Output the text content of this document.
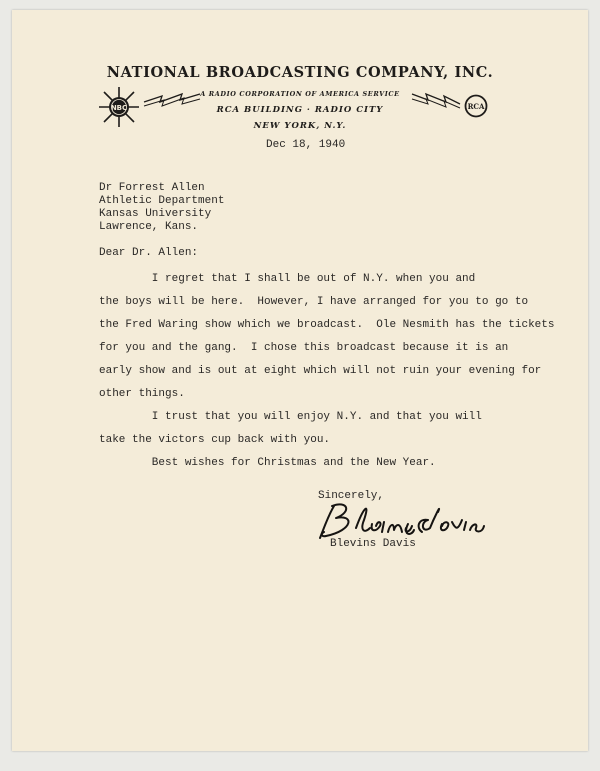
NATIONAL BROADCASTING COMPANY, INC.
NBC
A RADIO CORPORATION OF AMERICA SERVICE
RCA BUILDING · RADIO CITY
NEW YORK, N.Y.
RCA
Dec 18, 1940
Dr Forrest Allen
Athletic Department
Kansas University
Lawrence, Kans.
Dear Dr. Allen:
I regret that I shall be out of N.Y. when you and
the boys will be here.  However, I have arranged for you to go to
the Fred Waring show which we broadcast.  Ole Nesmith has the tickets
for you and the gang.  I chose this broadcast because it is an
early show and is out at eight which will not ruin your evening for
other things.
I trust that you will enjoy N.Y. and that you will
take the victors cup back with you.
Best wishes for Christmas and the New Year.
Sincerely,
Blevins Davis
